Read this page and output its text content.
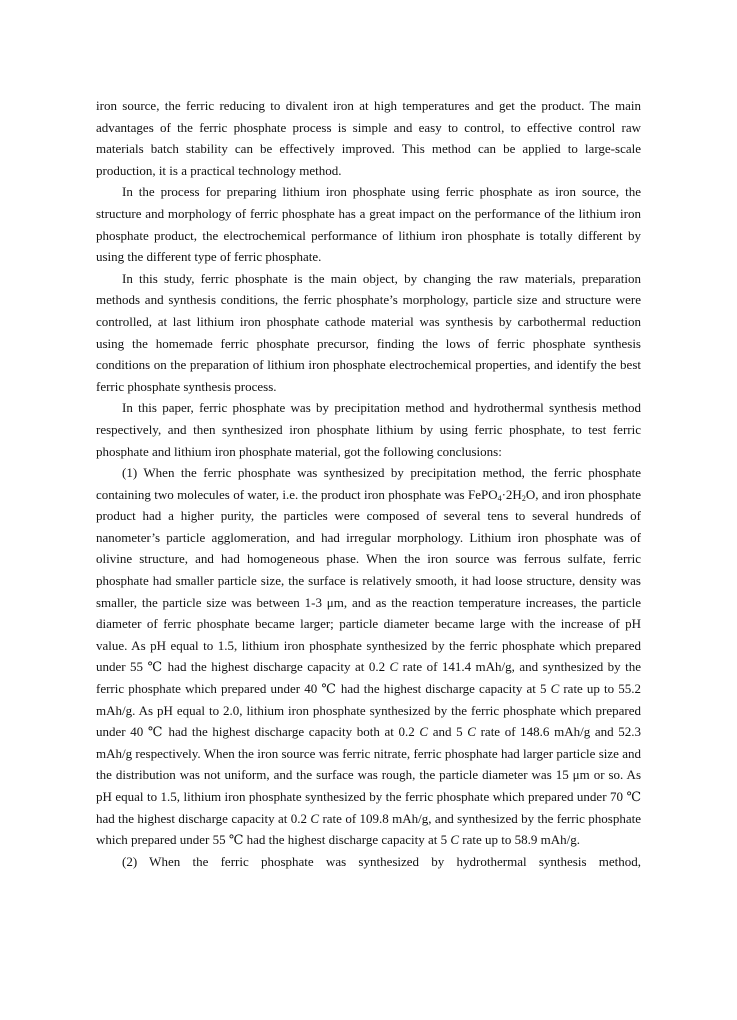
iron source, the ferric reducing to divalent iron at high temperatures and get the product. The main advantages of the ferric phosphate process is simple and easy to control, to effective control raw materials batch stability can be effectively improved. This method can be applied to large-scale production, it is a practical technology method.

In the process for preparing lithium iron phosphate using ferric phosphate as iron source, the structure and morphology of ferric phosphate has a great impact on the performance of the lithium iron phosphate product, the electrochemical performance of lithium iron phosphate is totally different by using the different type of ferric phosphate.

In this study, ferric phosphate is the main object, by changing the raw materials, preparation methods and synthesis conditions, the ferric phosphate’s morphology, particle size and structure were controlled, at last lithium iron phosphate cathode material was synthesis by carbothermal reduction using the homemade ferric phosphate precursor, finding the lows of ferric phosphate synthesis conditions on the preparation of lithium iron phosphate electrochemical properties, and identify the best ferric phosphate synthesis process.

In this paper, ferric phosphate was by precipitation method and hydrothermal synthesis method respectively, and then synthesized iron phosphate lithium by using ferric phosphate, to test ferric phosphate and lithium iron phosphate material, got the following conclusions:

(1) When the ferric phosphate was synthesized by precipitation method, the ferric phosphate containing two molecules of water, i.e. the product iron phosphate was $FePO_4\cdot 2H_2O$, and iron phosphate product had a higher purity, the particles were composed of several tens to several hundreds of nanometer’s particle agglomeration, and had irregular morphology. Lithium iron phosphate was of olivine structure, and had homogeneous phase. When the iron source was ferrous sulfate, ferric phosphate had smaller particle size, the surface is relatively smooth, it had loose structure, density was smaller, the particle size was between 1-3 μm, and as the reaction temperature increases, the particle diameter of ferric phosphate became larger; particle diameter became large with the increase of pH value. As pH equal to 1.5, lithium iron phosphate synthesized by the ferric phosphate which prepared under 55 ℃ had the highest discharge capacity at 0.2 C rate of 141.4 mAh/g, and synthesized by the ferric phosphate which prepared under 40 ℃ had the highest discharge capacity at 5 C rate up to 55.2 mAh/g. As pH equal to 2.0, lithium iron phosphate synthesized by the ferric phosphate which prepared under 40 ℃ had the highest discharge capacity both at 0.2 C and 5 C rate of 148.6 mAh/g and 52.3 mAh/g respectively. When the iron source was ferric nitrate, ferric phosphate had larger particle size and the distribution was not uniform, and the surface was rough, the particle diameter was 15 μm or so. As pH equal to 1.5, lithium iron phosphate synthesized by the ferric phosphate which prepared under 70 ℃ had the highest discharge capacity at 0.2 C rate of 109.8 mAh/g, and synthesized by the ferric phosphate which prepared under 55 ℃ had the highest discharge capacity at 5 C rate up to 58.9 mAh/g.

(2) When the ferric phosphate was synthesized by hydrothermal synthesis method,
